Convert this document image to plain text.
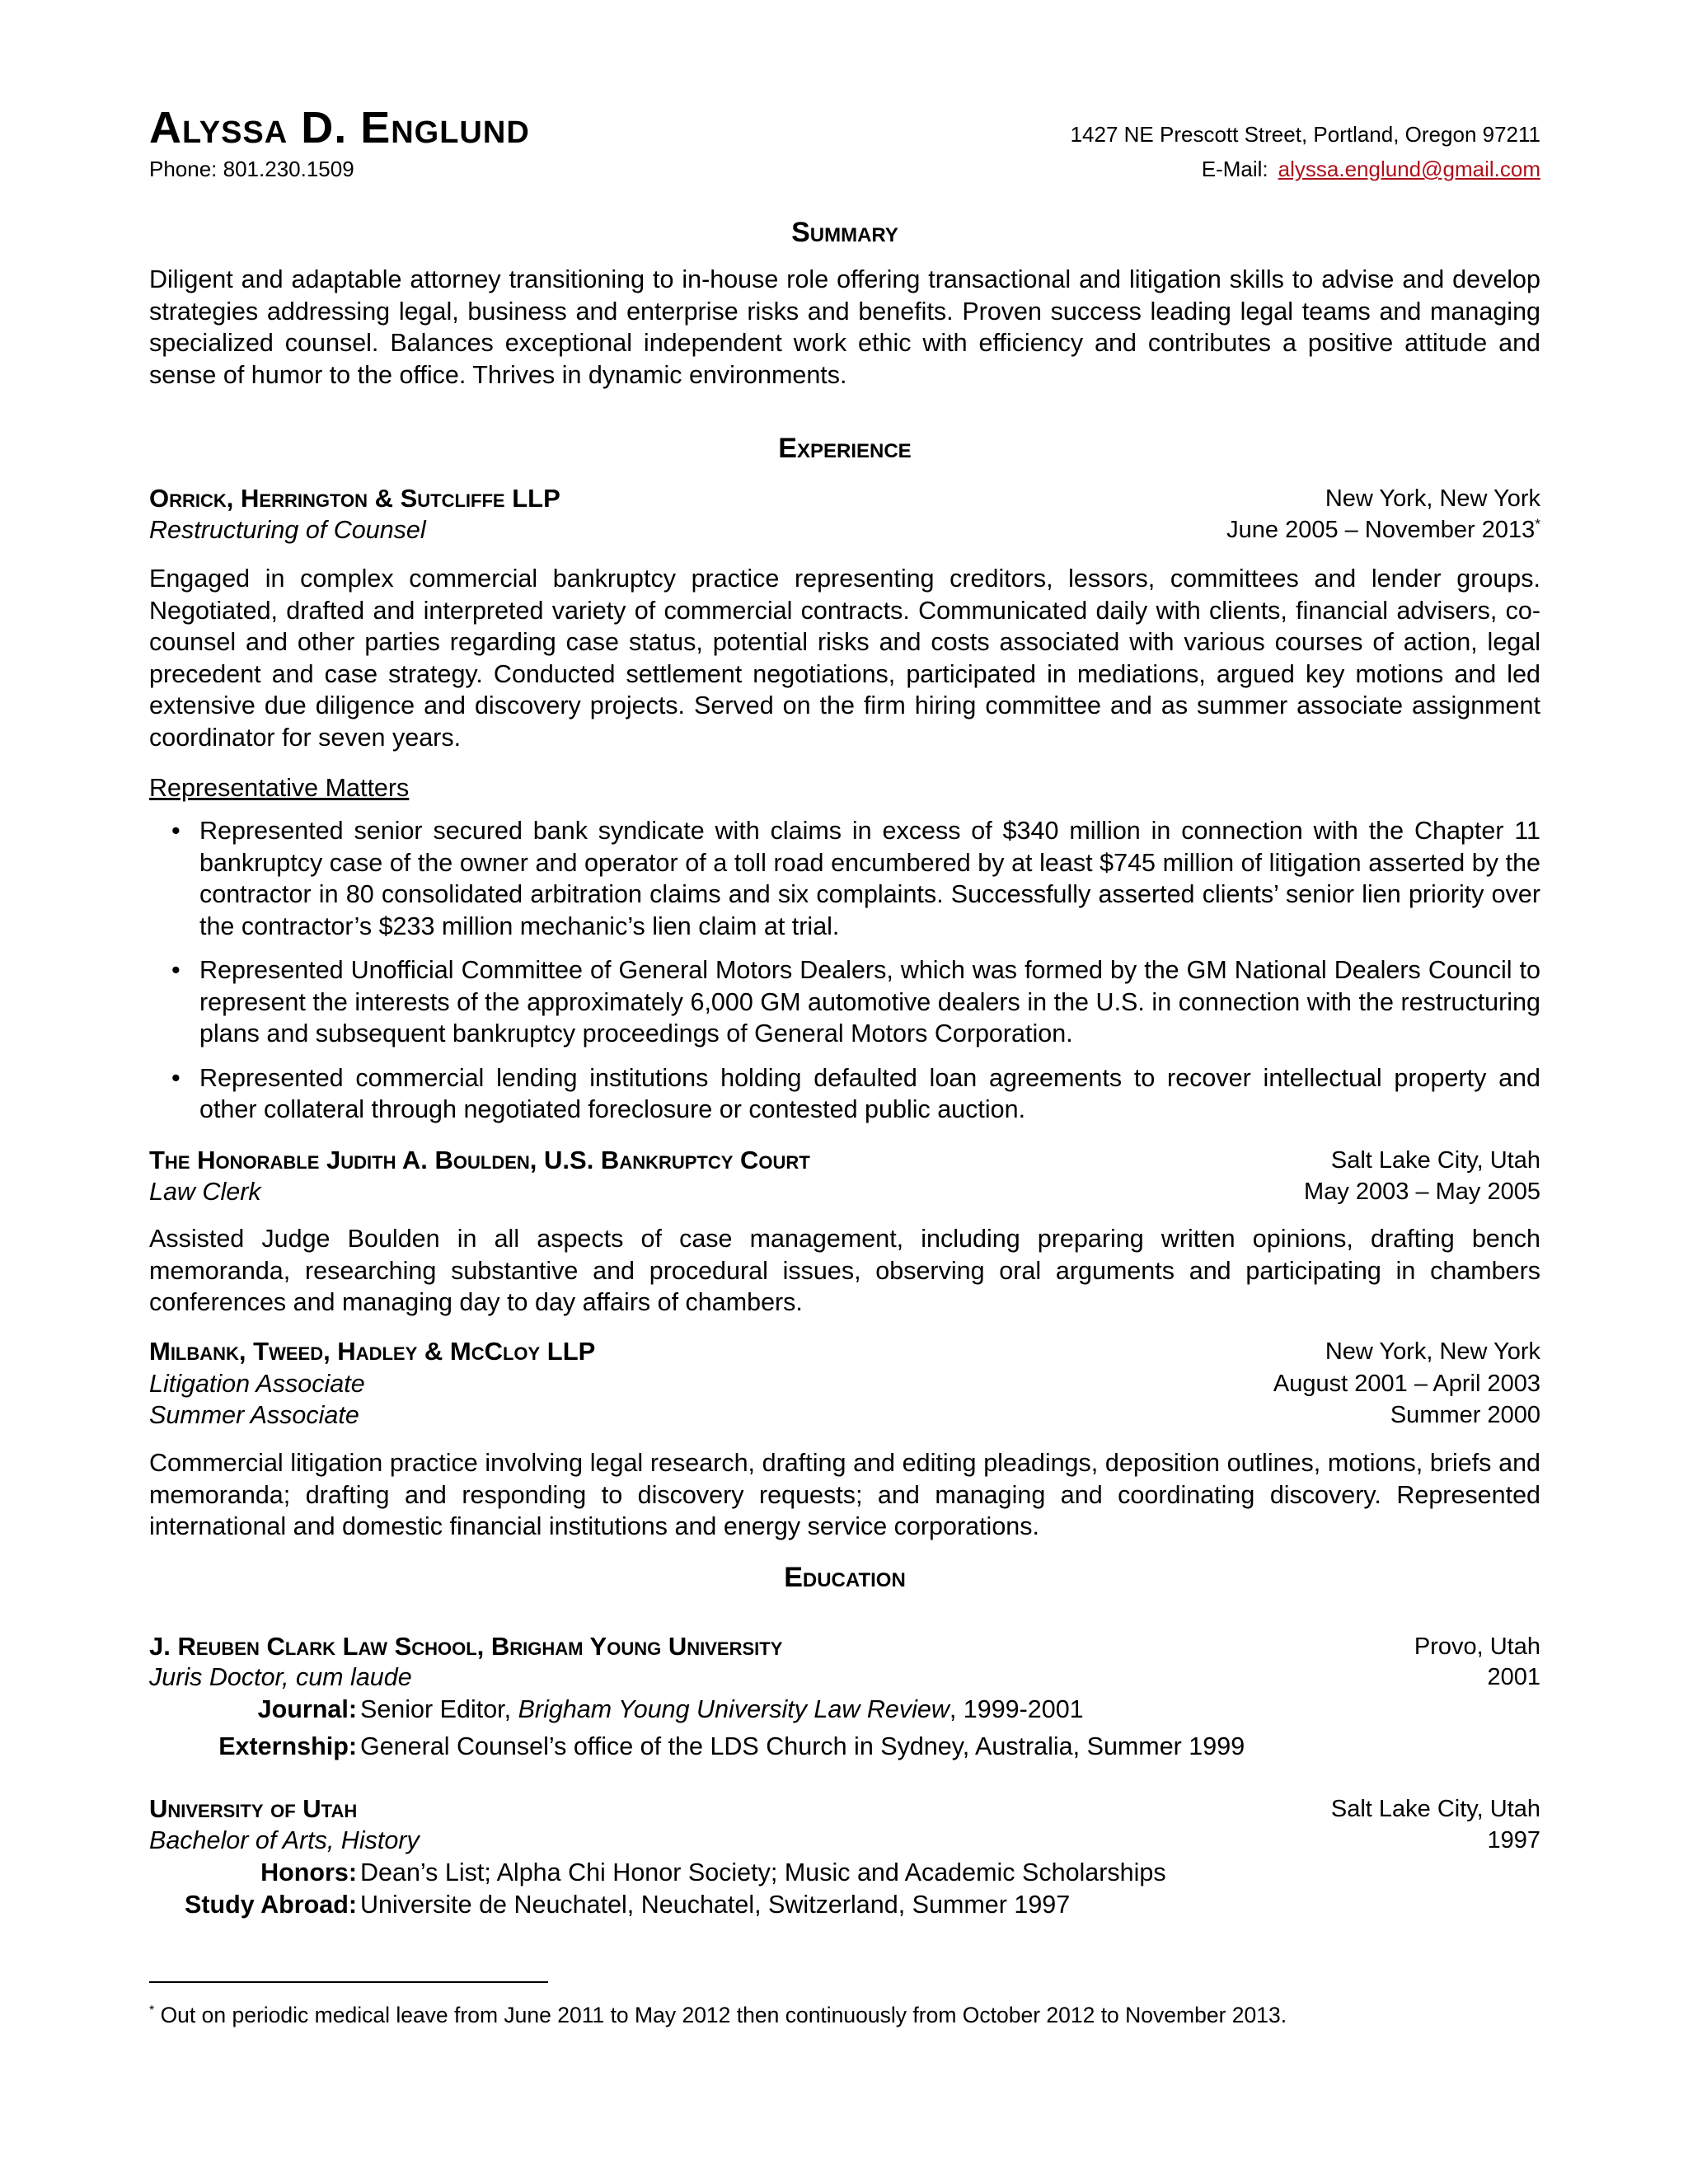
Alyssa D. Englund	1427 NE Prescott Street, Portland, Oregon 97211
Phone: 801.230.1509	E-Mail: alyssa.englund@gmail.com
Summary

Diligent and adaptable attorney transitioning to in-house role offering transactional and litigation skills to advise and develop strategies addressing legal, business and enterprise risks and benefits. Proven success leading legal teams and managing specialized counsel. Balances exceptional independent work ethic with efficiency and contributes a positive attitude and sense of humor to the office. Thrives in dynamic environments.

Experience
Orrick, Herrington & Sutcliffe LLP	New York, New York
Restructuring of Counsel	June 2005 – November 2013*

Engaged in complex commercial bankruptcy practice representing creditors, lessors, committees and lender groups. Negotiated, drafted and interpreted variety of commercial contracts. Communicated daily with clients, financial advisers, co-counsel and other parties regarding case status, potential risks and costs associated with various courses of action, legal precedent and case strategy. Conducted settlement negotiations, participated in mediations, argued key motions and led extensive due diligence and discovery projects. Served on the firm hiring committee and as summer associate assignment coordinator for seven years.

Representative Matters
• Represented senior secured bank syndicate with claims in excess of $340 million in connection with the Chapter 11 bankruptcy case of the owner and operator of a toll road encumbered by at least $745 million of litigation asserted by the contractor in 80 consolidated arbitration claims and six complaints. Successfully asserted clients’ senior lien priority over the contractor’s $233 million mechanic’s lien claim at trial.
• Represented Unofficial Committee of General Motors Dealers, which was formed by the GM National Dealers Council to represent the interests of the approximately 6,000 GM automotive dealers in the U.S. in connection with the restructuring plans and subsequent bankruptcy proceedings of General Motors Corporation.
• Represented commercial lending institutions holding defaulted loan agreements to recover intellectual property and other collateral through negotiated foreclosure or contested public auction.
The Honorable Judith A. Boulden, U.S. Bankruptcy Court	Salt Lake City, Utah
Law Clerk	May 2003 – May 2005

Assisted Judge Boulden in all aspects of case management, including preparing written opinions, drafting bench memoranda, researching substantive and procedural issues, observing oral arguments and participating in chambers conferences and managing day to day affairs of chambers.

Milbank, Tweed, Hadley & McCloy LLP	New York, New York
Litigation Associate	August 2001 – April 2003
Summer Associate	Summer 2000

Commercial litigation practice involving legal research, drafting and editing pleadings, deposition outlines, motions, briefs and memoranda; drafting and responding to discovery requests; and managing and coordinating discovery. Represented international and domestic financial institutions and energy service corporations.

Education
J. Reuben Clark Law School, Brigham Young University	Provo, Utah
Juris Doctor, cum laude	2001
Journal: Senior Editor, Brigham Young University Law Review, 1999-2001
Externship: General Counsel’s office of the LDS Church in Sydney, Australia, Summer 1999
University of Utah	Salt Lake City, Utah
Bachelor of Arts, History	1997
Honors: Dean’s List; Alpha Chi Honor Society; Music and Academic Scholarships
Study Abroad: Universite de Neuchatel, Neuchatel, Switzerland, Summer 1997
* Out on periodic medical leave from June 2011 to May 2012 then continuously from October 2012 to November 2013.
